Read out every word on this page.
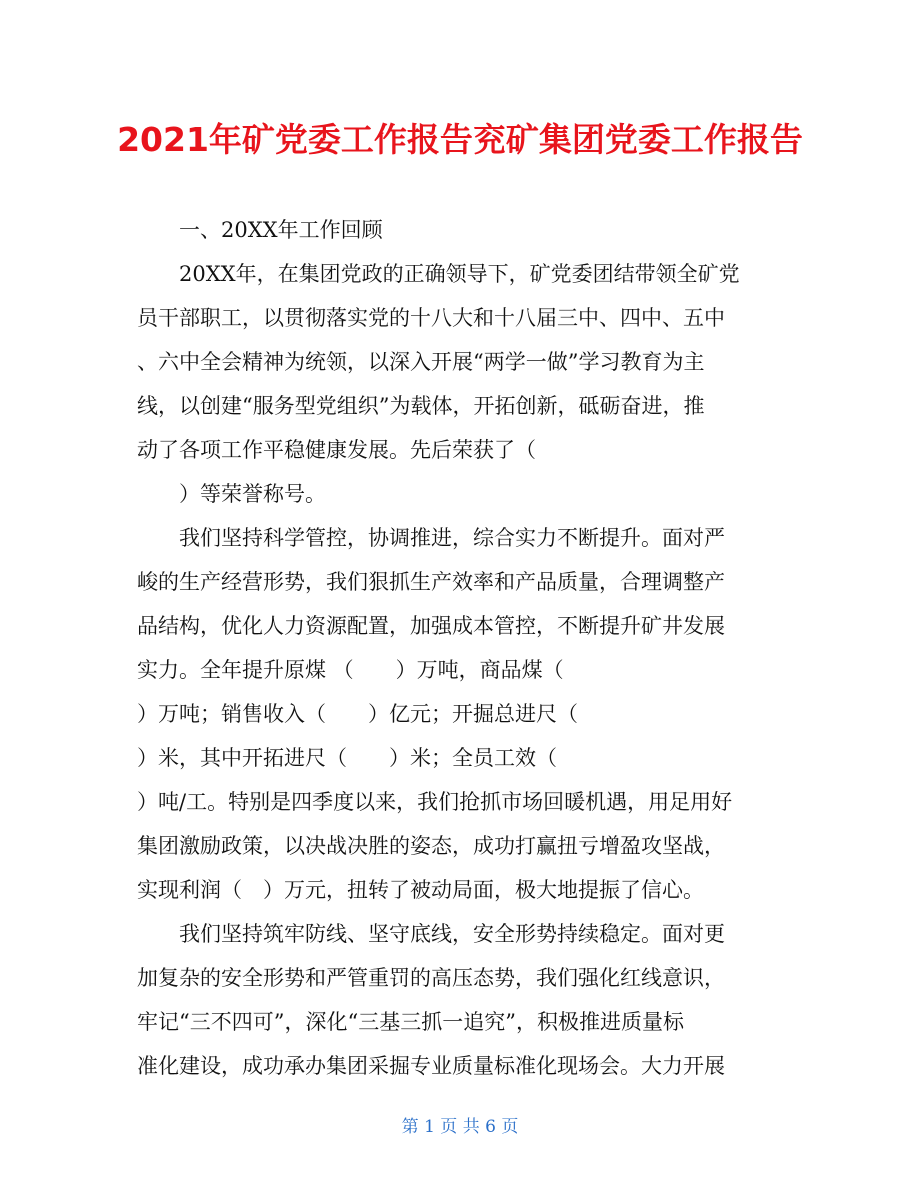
2021年矿党委工作报告兖矿集团党委工作报告
一、20XX年工作回顾
20XX年，在集团党政的正确领导下，矿党委团结带领全矿党
员干部职工，以贯彻落实党的十八大和十八届三中、四中、五中
、六中全会精神为统领，以深入开展“两学一做”学习教育为主
线，以创建“服务型党组织”为载体，开拓创新，砥砺奋进，推
动了各项工作平稳健康发展。先后荣获了（
）等荣誉称号。
我们坚持科学管控，协调推进，综合实力不断提升。面对严
峻的生产经营形势，我们狠抓生产效率和产品质量，合理调整产
品结构，优化人力资源配置，加强成本管控，不断提升矿井发展
实力。全年提升原煤 （　　）万吨，商品煤（
）万吨；销售收入（　　）亿元；开掘总进尺（
）米，其中开拓进尺（　　）米；全员工效（
）吨/工。特别是四季度以来，我们抢抓市场回暖机遇，用足用好
集团激励政策，以决战决胜的姿态，成功打赢扭亏增盈攻坚战，
实现利润（　）万元，扭转了被动局面，极大地提振了信心。
我们坚持筑牢防线、坚守底线，安全形势持续稳定。面对更
加复杂的安全形势和严管重罚的高压态势，我们强化红线意识，
牢记“三不四可”，深化“三基三抓一追究”，积极推进质量标
准化建设，成功承办集团采掘专业质量标准化现场会。大力开展
第 1 页 共 6 页
